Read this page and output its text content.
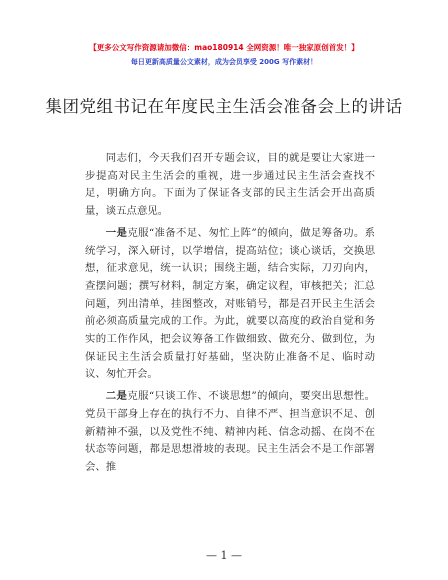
【更多公文写作资源请加微信：mao180914 全网资源！唯一独家原创首发！】
每日更新高质量公文素材，成为会员享受 200G 写作素材！
集团党组书记在年度民主生活会准备会上的讲话

同志们，今天我们召开专题会议，目的就是要让大家进一步提高对民主生活会的重视，进一步通过民主生活会查找不足，明确方向。下面为了保证各支部的民主生活会开出高质量，谈五点意见。

一是克服“准备不足、匆忙上阵”的倾向，做足筹备功。系统学习，深入研讨，以学增信，提高站位；谈心谈话，交换思想，征求意见，统一认识；围绕主题，结合实际，刀刃向内，查摆问题；撰写材料，制定方案，确定议程，审核把关；汇总问题，列出清单，挂图整改，对账销号，都是召开民主生活会前必须高质量完成的工作。为此，就要以高度的政治自觉和务实的工作作风，把会议筹备工作做细致、做充分、做到位，为保证民主生活会质量打好基础，坚决防止准备不足、临时动议、匆忙开会。

二是克服“只谈工作、不谈思想”的倾向，要突出思想性。党员干部身上存在的执行不力、自律不严、担当意识不足、创新精神不强，以及党性不纯、精神内耗、信念动摇、在岗不在状态等问题，都是思想滑坡的表现。民主生活会不是工作部署会、推

— 1 —
